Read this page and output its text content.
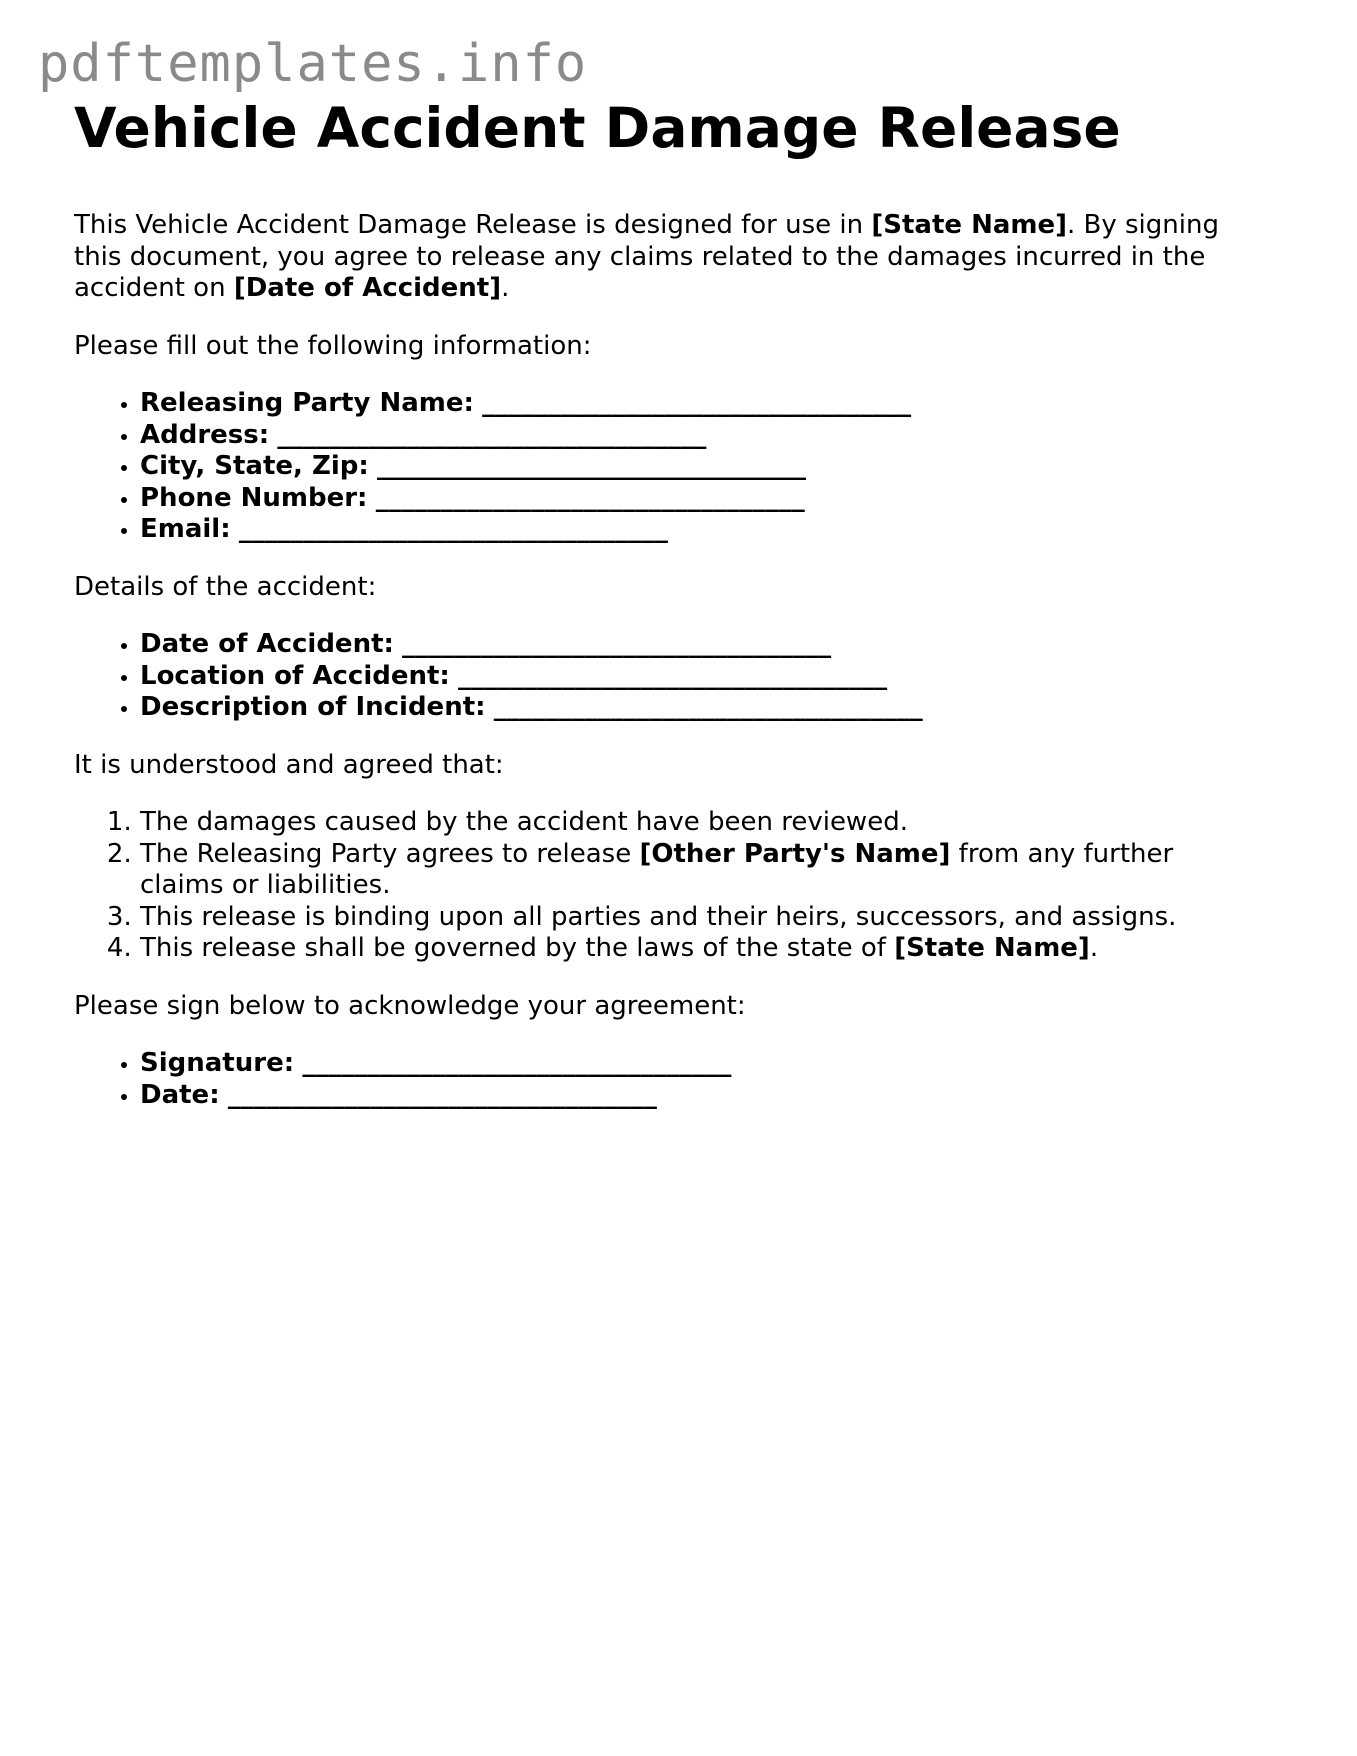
pdftemplates.info
Vehicle Accident Damage Release

This Vehicle Accident Damage Release is designed for use in [State Name]. By signing this document, you agree to release any claims related to the damages incurred in the accident on [Date of Accident].

Please fill out the following information:

• Releasing Party Name: _________________________________
• Address: _________________________________
• City, State, Zip: _________________________________
• Phone Number: _________________________________
• Email: _________________________________

Details of the accident:

• Date of Accident: _________________________________
• Location of Accident: _________________________________
• Description of Incident: _________________________________

It is understood and agreed that:

1. The damages caused by the accident have been reviewed.
2. The Releasing Party agrees to release [Other Party's Name] from any further claims or liabilities.
3. This release is binding upon all parties and their heirs, successors, and assigns.
4. This release shall be governed by the laws of the state of [State Name].

Please sign below to acknowledge your agreement:

• Signature: _________________________________
• Date: _________________________________
